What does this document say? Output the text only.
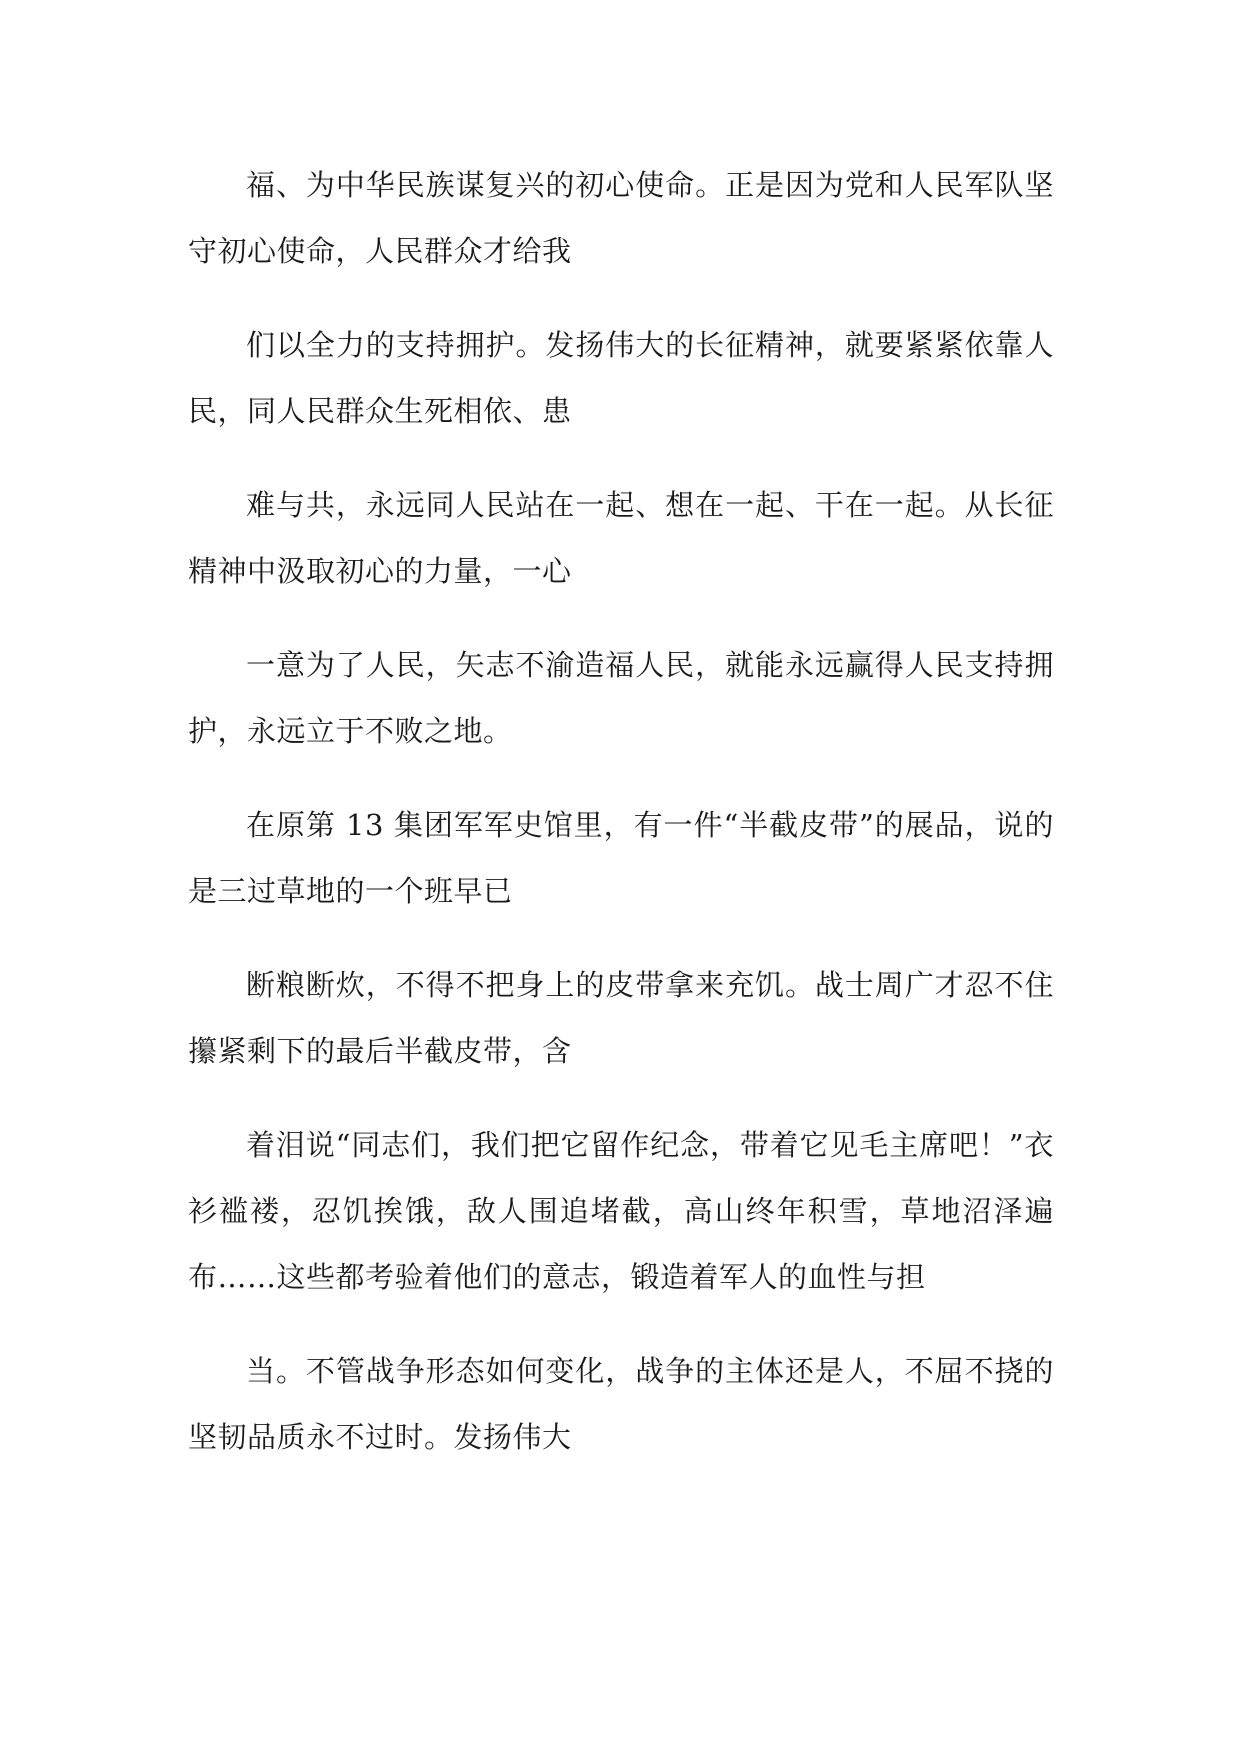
福、为中华民族谋复兴的初心使命。正是因为党和人民军队坚守初心使命，人民群众才给我

们以全力的支持拥护。发扬伟大的长征精神，就要紧紧依靠人民，同人民群众生死相依、患

难与共，永远同人民站在一起、想在一起、干在一起。从长征精神中汲取初心的力量，一心

一意为了人民，矢志不渝造福人民，就能永远赢得人民支持拥护，永远立于不败之地。

在原第 13 集团军军史馆里，有一件“半截皮带”的展品，说的是三过草地的一个班早已

断粮断炊，不得不把身上的皮带拿来充饥。战士周广才忍不住攥紧剩下的最后半截皮带，含

着泪说“同志们，我们把它留作纪念，带着它见毛主席吧！”衣衫褴褛，忍饥挨饿，敌人围追堵截，高山终年积雪，草地沼泽遍布……这些都考验着他们的意志，锻造着军人的血性与担

当。不管战争形态如何变化，战争的主体还是人，不屈不挠的坚韧品质永不过时。发扬伟大
